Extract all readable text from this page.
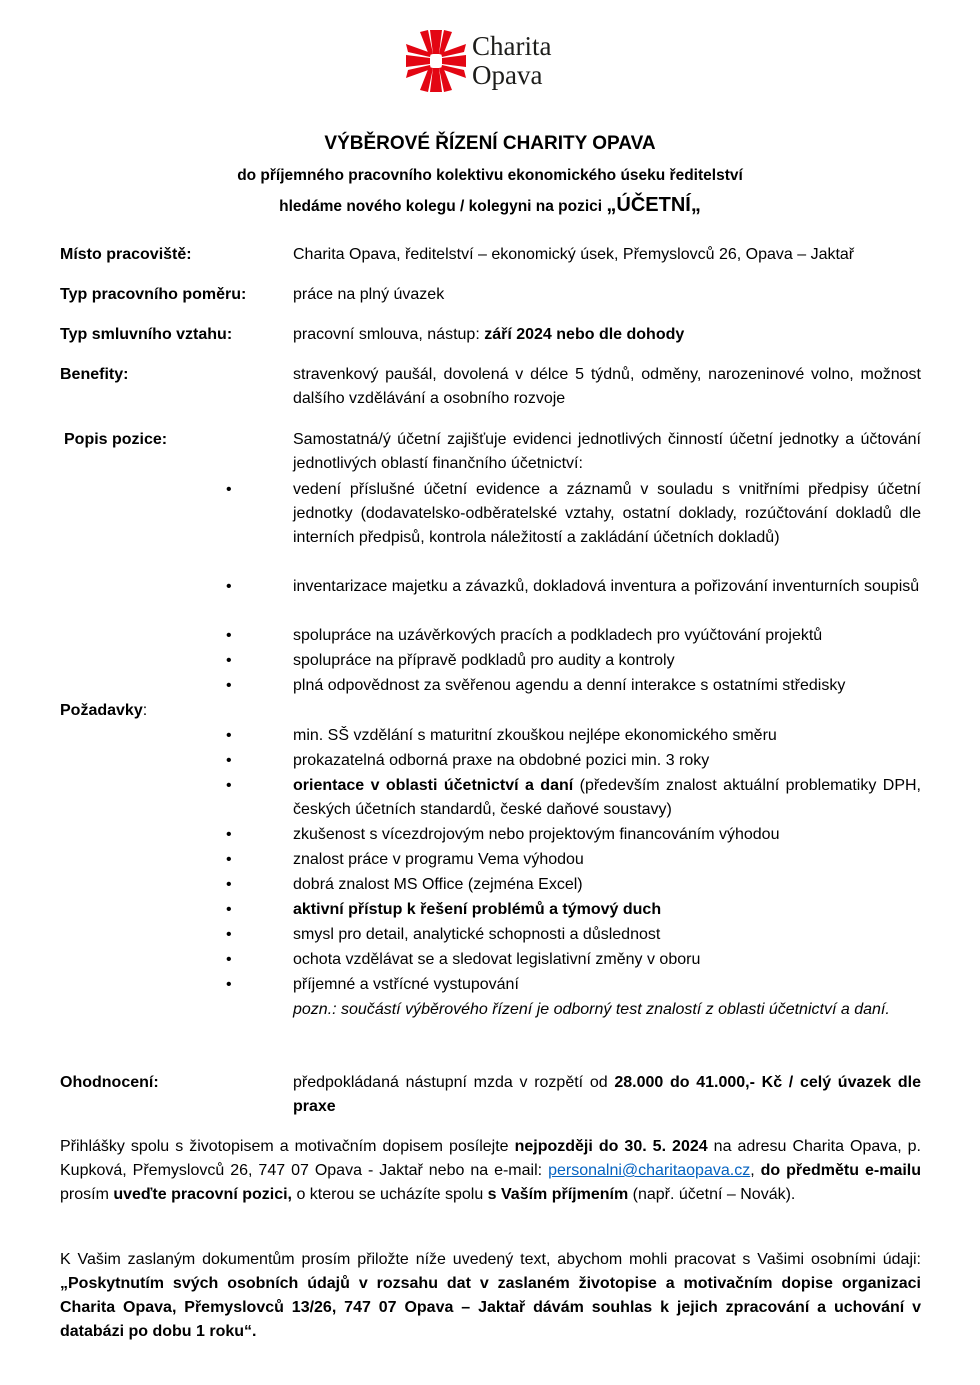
Charita
Opava
VÝBĚROVÉ ŘÍZENÍ CHARITY OPAVA
do příjemného pracovního kolektivu ekonomického úseku ředitelství
hledáme nového kolegu / kolegyni na pozici „ÚČETNÍ„
Místo pracoviště:	Charita Opava, ředitelství – ekonomický úsek, Přemyslovců 26, Opava – Jaktař
Typ pracovního poměru:	práce na plný úvazek
Typ smluvního vztahu:	pracovní smlouva, nástup: září 2024 nebo dle dohody
Benefity:	stravenkový paušál, dovolená v délce 5 týdnů, odměny, narozeninové volno, možnost dalšího vzdělávání a osobního rozvoje
Popis pozice:	Samostatná/ý účetní zajišťuje evidenci jednotlivých činností účetní jednotky a účtování jednotlivých oblastí finančního účetnictví:
• vedení příslušné účetní evidence a záznamů v souladu s vnitřními předpisy účetní jednotky (dodavatelsko-odběratelské vztahy, ostatní doklady, rozúčtování dokladů dle interních předpisů, kontrola náležitostí a zakládání účetních dokladů)
• inventarizace majetku a závazků, dokladová inventura a pořizování inventurních soupisů
• spolupráce na uzávěrkových pracích a podkladech pro vyúčtování projektů
• spolupráce na přípravě podkladů pro audity a kontroly
• plná odpovědnost za svěřenou agendu a denní interakce s ostatními středisky
Požadavky:
• min. SŠ vzdělání s maturitní zkouškou nejlépe ekonomického směru
• prokazatelná odborná praxe na obdobné pozici min. 3 roky
• orientace v oblasti účetnictví a daní (především znalost aktuální problematiky DPH, českých účetních standardů, české daňové soustavy)
• zkušenost s vícezdrojovým nebo projektovým financováním výhodou
• znalost práce v programu Vema výhodou
• dobrá znalost MS Office (zejména Excel)
• aktivní přístup k řešení problémů a týmový duch
• smysl pro detail, analytické schopnosti a důslednost
• ochota vzdělávat se a sledovat legislativní změny v oboru
• příjemné a vstřícné vystupování
pozn.: součástí výběrového řízení je odborný test znalostí z oblasti účetnictví a daní.
Ohodnocení:	předpokládaná nástupní mzda v rozpětí od 28.000 do 41.000,- Kč / celý úvazek dle praxe
Přihlášky spolu s životopisem a motivačním dopisem posílejte nejpozději do 30. 5. 2024 na adresu Charita Opava, p. Kupková, Přemyslovců 26, 747 07 Opava - Jaktař nebo na e-mail: personalni@charitaopava.cz, do předmětu e-mailu prosím uveďte pracovní pozici, o kterou se ucházíte spolu s Vaším příjmením (např. účetní – Novák).
K Vašim zaslaným dokumentům prosím přiložte níže uvedený text, abychom mohli pracovat s Vašimi osobními údaji: „Poskytnutím svých osobních údajů v rozsahu dat v zaslaném životopise a motivačním dopise organizaci Charita Opava, Přemyslovců 13/26, 747 07 Opava – Jaktař dávám souhlas k jejich zpracování a uchování v databázi po dobu 1 roku“.
